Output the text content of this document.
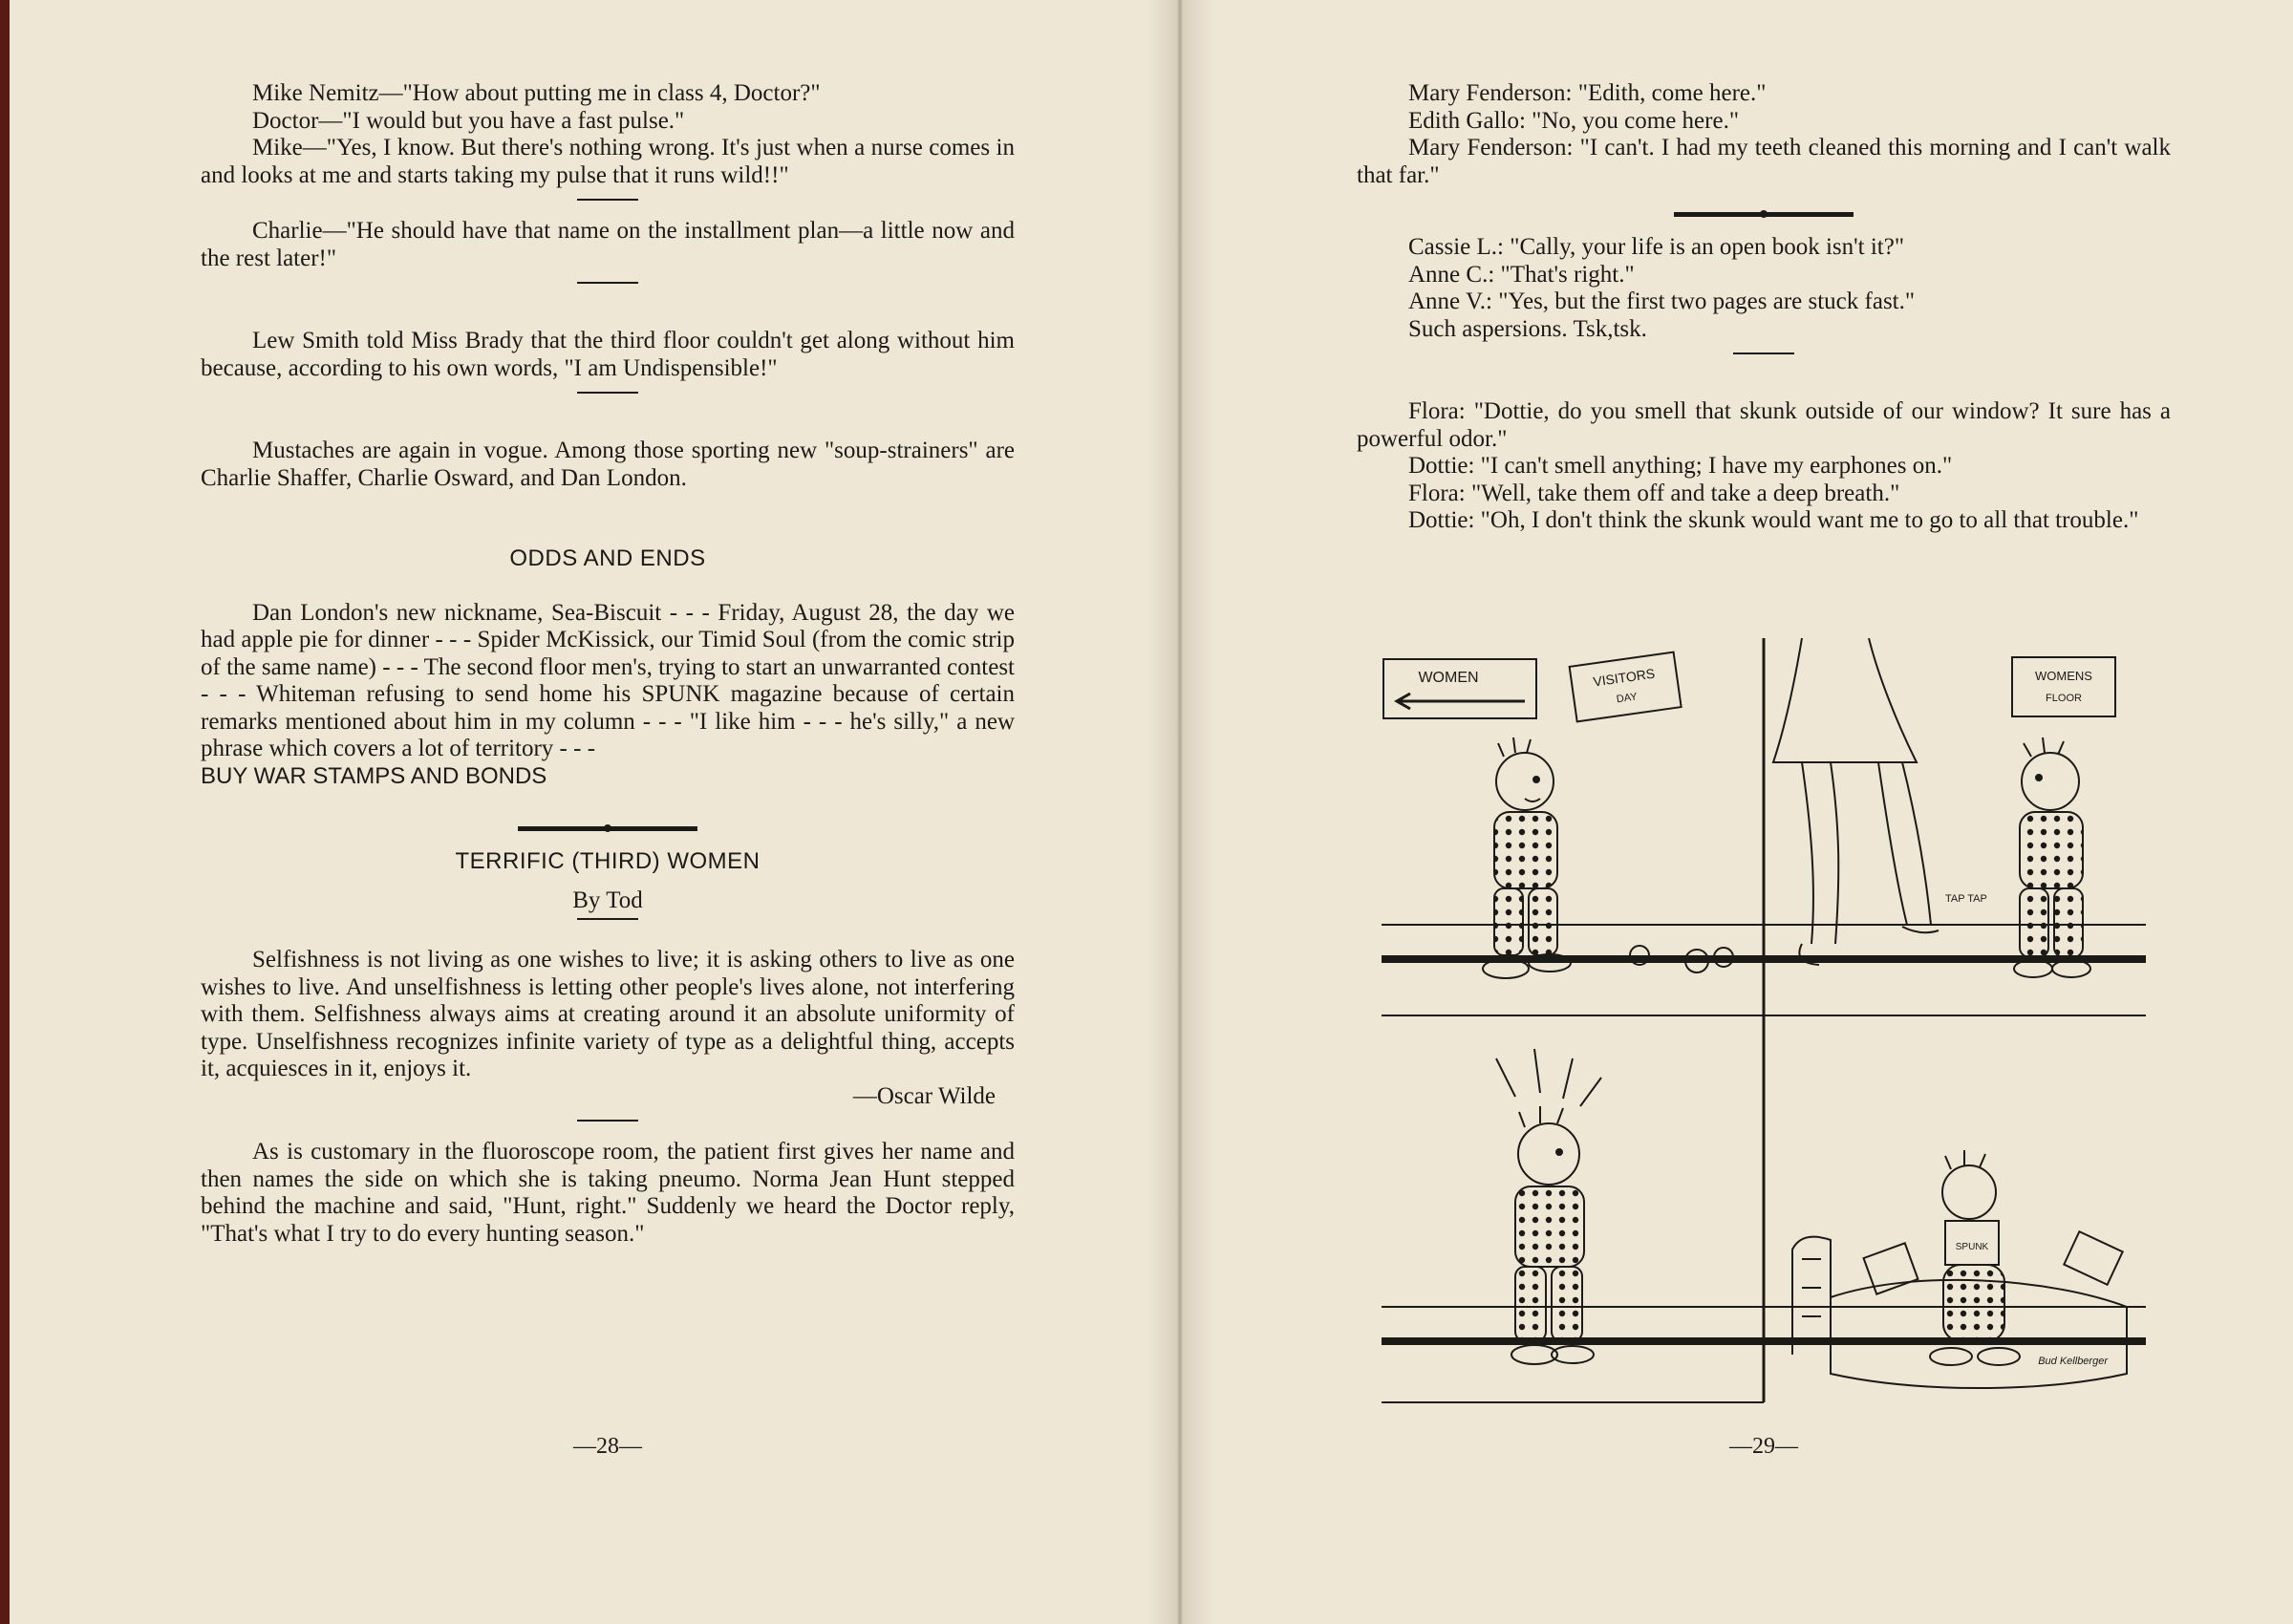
Mike Nemitz—"How about putting me in class 4, Doctor?"

Doctor—"I would but you have a fast pulse."

Mike—"Yes, I know. But there's nothing wrong. It's just when a nurse comes in and looks at me and starts taking my pulse that it runs wild!!"

Charlie—"He should have that name on the installment plan—a little now and the rest later!"

Lew Smith told Miss Brady that the third floor couldn't get along without him because, according to his own words, "I am Undispensible!"

Mustaches are again in vogue. Among those sporting new "soup-strainers" are Charlie Shaffer, Charlie Osward, and Dan London.

ODDS AND ENDS

Dan London's new nickname, Sea-Biscuit - - - Friday, August 28, the day we had apple pie for dinner - - - Spider McKissick, our Timid Soul (from the comic strip of the same name) - - - The second floor men's, trying to start an unwarranted contest - - - Whiteman refusing to send home his SPUNK magazine because of certain remarks mentioned about him in my column - - - "I like him - - - he's silly," a new phrase which covers a lot of territory - - -

BUY WAR STAMPS AND BONDS

TERRIFIC (THIRD) WOMEN

By Tod

Selfishness is not living as one wishes to live; it is asking others to live as one wishes to live. And unselfishness is letting other people's lives alone, not interfering with them. Selfishness always aims at creating around it an absolute uniformity of type. Unselfishness recognizes infinite variety of type as a delightful thing, accepts it, acquiesces in it, enjoys it.

—Oscar Wilde

As is customary in the fluoroscope room, the patient first gives her name and then names the side on which she is taking pneumo. Norma Jean Hunt stepped behind the machine and said, "Hunt, right." Suddenly we heard the Doctor reply, "That's what I try to do every hunting season."

—28—

Mary Fenderson: "Edith, come here."

Edith Gallo: "No, you come here."

Mary Fenderson: "I can't. I had my teeth cleaned this morning and I can't walk that far."

Cassie L.: "Cally, your life is an open book isn't it?"

Anne C.: "That's right."

Anne V.: "Yes, but the first two pages are stuck fast."

Such aspersions. Tsk,tsk.

Flora: "Dottie, do you smell that skunk outside of our window? It sure has a powerful odor."

Dottie: "I can't smell anything; I have my earphones on."

Flora: "Well, take them off and take a deep breath."

Dottie: "Oh, I don't think the skunk would want me to go to all that trouble."

—29—
WOMEN	VISITORS
DAY
WOMENS
FLOOR
TAP TAP
SPUNK
Bud Kellberger
